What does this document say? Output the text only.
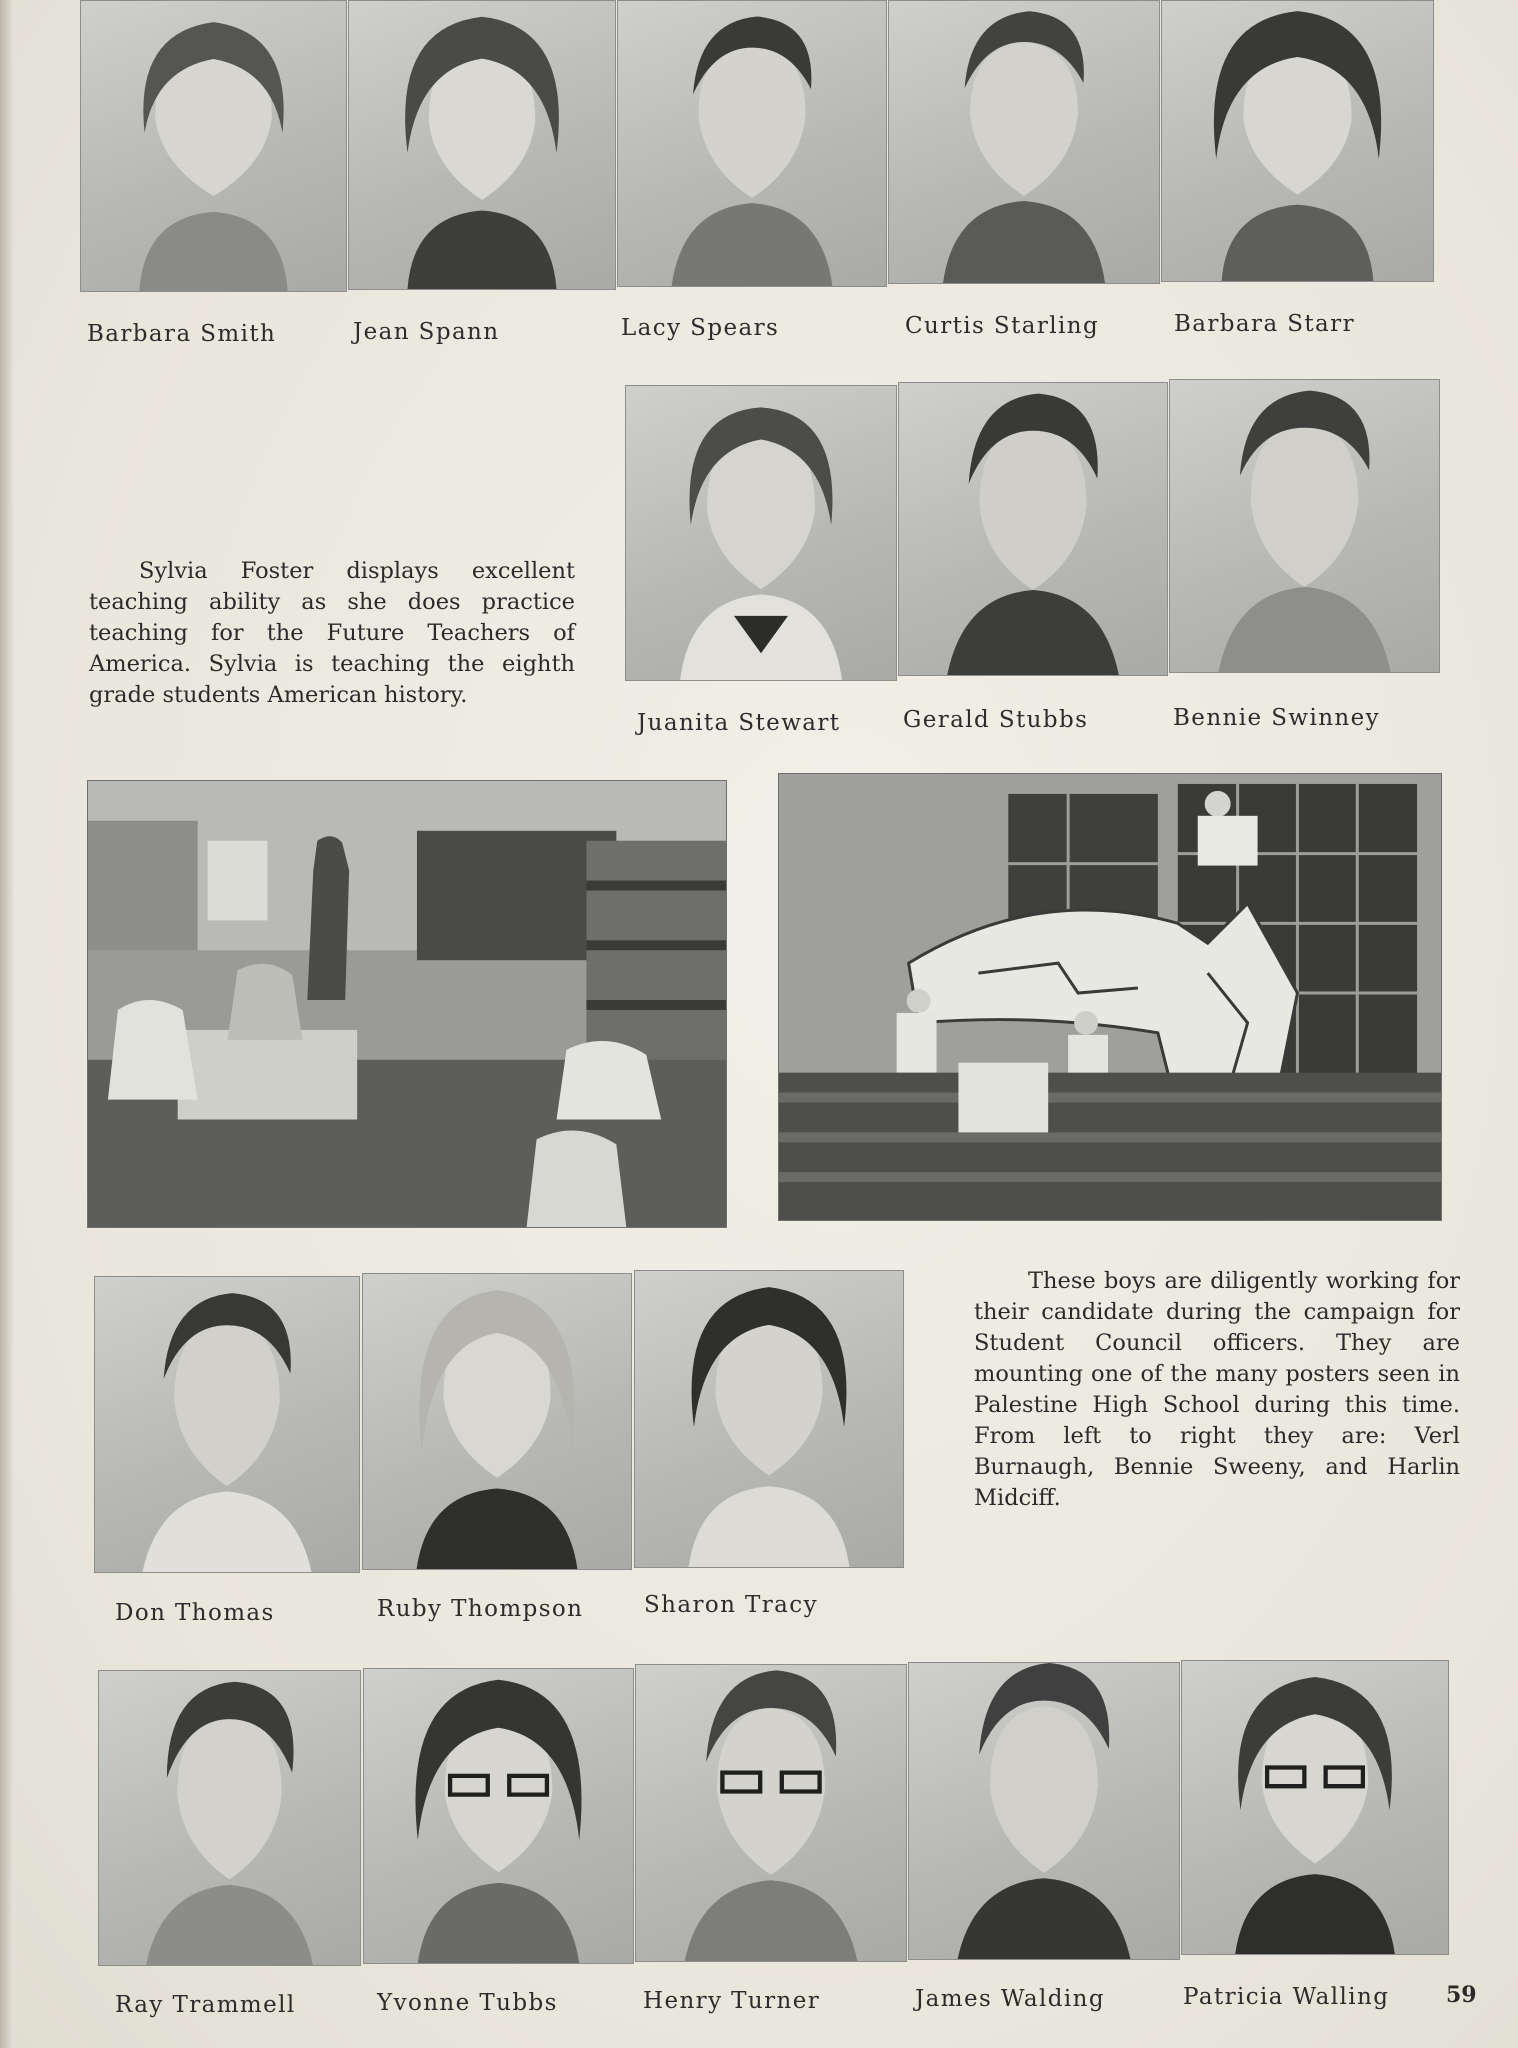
Barbara Smith	Jean Spann	Lacy Spears	Curtis Starling	Barbara Starr
Juanita Stewart	Gerald Stubbs	Bennie Swinney

Sylvia Foster displays excellent teaching ability as she does practice teaching for the Future Teachers of America. Sylvia is teaching the eighth grade students American history.

These boys are diligently working for their candidate during the campaign for Student Council officers. They are mounting one of the many posters seen in Palestine High School during this time. From left to right they are: Verl Burnaugh, Bennie Sweeny, and Harlin Midciff.

Don Thomas	Ruby Thompson	Sharon Tracy
Ray Trammell	Yvonne Tubbs	Henry Turner	James Walding	Patricia Walling	59
